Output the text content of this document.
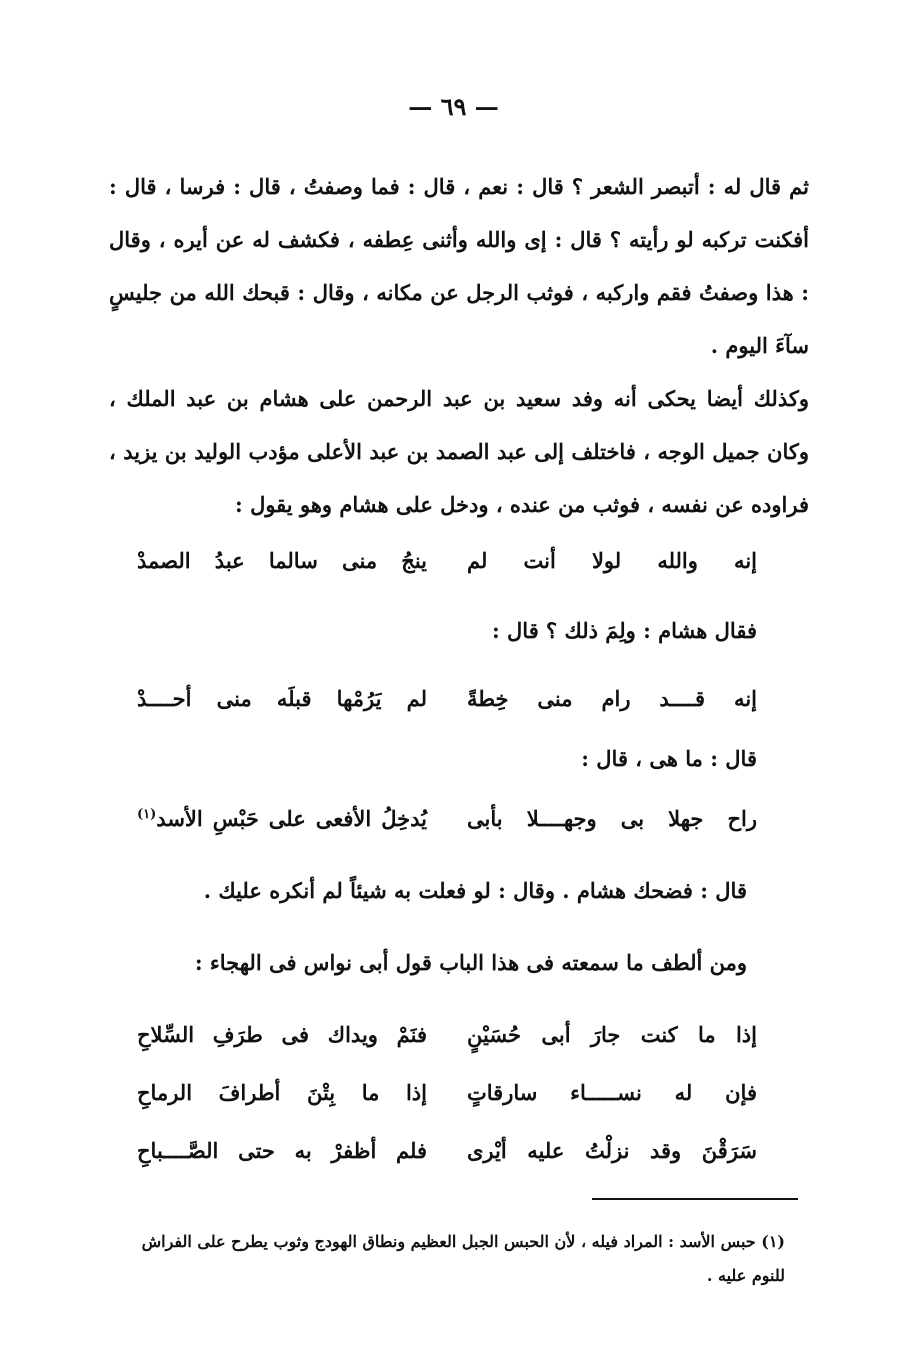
— ٦٩ —
ثم قال له : أتبصر الشعر ؟ قال : نعم ، قال : فما وصفتُ ، قال : فرسا ، قال : أفكنت تركبه لو رأيته ؟ قال : إى والله وأثنى عِطفه ، فكشف له عن أيره ، وقال : هذا وصفتُ فقم واركبه ، فوثب الرجل عن مكانه ، وقال : قبحك الله من جليسٍ سآءَ اليوم .
وكذلك أيضا يحكى أنه وفد سعيد بن عبد الرحمن على هشام بن عبد الملك ، وكان جميل الوجه ، فاختلف إلى عبد الصمد بن عبد الأعلى مؤدب الوليد بن يزيد ، فراوده عن نفسه ، فوثب من عنده ، ودخل على هشام وهو يقول :
إنه والله لولا أنت لم
ينجُ منى سالما عبدُ الصمدْ
فقال هشام : ولِمَ ذلك ؟ قال :
إنه قــــد رام منى خِطةً
لم يَرُمْها قبلَه منى أحــــدْ
قال : ما هى ، قال :
راح جهلا بى وجهــــلا بأبى
يُدخِلُ الأفعى على حَبْسِ الأسد$^{(١)}$
قال : فضحك هشام . وقال : لو فعلت به شيئاً لم أنكره عليك .
ومن ألطف ما سمعته فى هذا الباب قول أبى نواس فى الهجاء :
إذا ما كنت جارَ أبى حُسَيْنٍ
فنَمْ ويداك فى طرَفِ السِّلاحِ
فإن له نســـــاء سارقاتٍ
إذا ما بِتْنَ أطرافَ الرماحِ
سَرَقْنَ وقد نزلْتُ عليه أيْرى
فلم أظفرْ به حتى الصَّــــباحِ
(١) حبس الأسد : المراد فيله ، لأن الحبس الجبل العظيم ونطاق الهودج وثوب يطرح على الفراش للنوم عليه .
